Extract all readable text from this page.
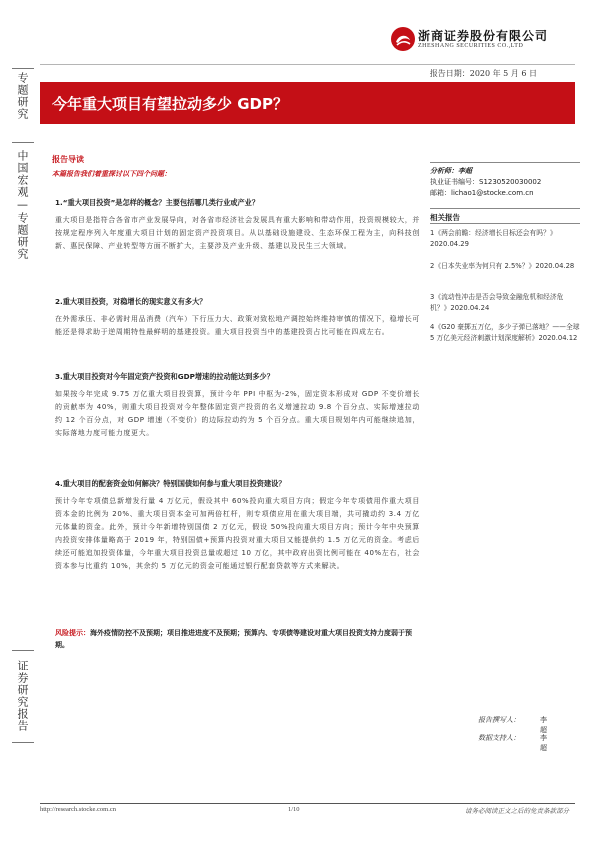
浙商证券股份有限公司
ZHESHANG SECURITIES CO.,LTD
报告日期：2020 年 5 月 6 日
今年重大项目有望拉动多少 GDP？
专题研究
中国宏观—专题研究
证券研究报告
报告导读
本篇报告我们着重探讨以下四个问题：
1.“重大项目投资”是怎样的概念？主要包括哪几类行业或产业？
重大项目是指符合各省市产业发展导向，对各省市经济社会发展具有重大影响和带动作用，投资规模较大，并按规定程序列入年度重大项目计划的固定资产投资项目。从以基础设施建设、生态环保工程为主，向科技创新、惠民保障、产业转型等方面不断扩大，主要涉及产业升级、基建以及民生三大领域。
2.重大项目投资，对稳增长的现实意义有多大？
在外需承压、非必需时用品消费（汽车）下行压力大、政策对致松地产调控始终维持审慎的情况下，稳增长可能还是得求助于逆周期特性最鲜明的基建投资。重大项目投资当中的基建投资占比可能在四成左右。
3.重大项目投资对今年固定资产投资和GDP增速的拉动能达到多少？
如果按今年完成 9.75 万亿重大项目投资算，预计今年 PPI 中枢为-2%，固定资本形成对 GDP 不变价增长的贡献率为 40%，则重大项目投资对今年整体固定资产投资的名义增速拉动 9.8 个百分点、实际增速拉动约 12 个百分点，对 GDP 增速（不变价）的边际拉动约为 5 个百分点。重大项目规划年内可能继续追加，实际落地力度可能力度更大。
4.重大项目的配套资金如何解决？特别国债如何参与重大项目投资建设？
预计今年专项债总新增发行量 4 万亿元，假设其中 60%投向重大项目方向；假定今年专项债用作重大项目资本金的比例为 20%、重大项目资本金可加两倍杠杆，则专项债应用在重大项目端，共可撬动约 3.4 万亿元体量的资金。此外，预计今年新增特别国债 2 万亿元，假设 50%投向重大项目方向；预计今年中央预算内投资安排体量略高于 2019 年，特别国债+预算内投资对重大项目又能提供约 1.5 万亿元的资金。考虑后续还可能追加投资体量，今年重大项目投资总量或超过 10 万亿，其中政府出资比例可能在 40%左右，社会资本参与比重约 10%，其余约 5 万亿元的资金可能通过银行配套贷款等方式来解决。
风险提示：海外疫情防控不及预期；项目推进进度不及预期；预算内、专项债等建设对重大项目投资支持力度弱于预期。
分析师：李超
执业证书编号：S1230520030002
邮箱：lichao1@stocke.com.cn
相关报告
1《两会前瞻：经济增长目标还会有吗？》2020.04.29
2《日本失业率为何只有 2.5%？》2020.04.28
3《流动性冲击是否会导致金融危机和经济危机？》2020.04.24
4《G20 豪掷五万亿，多少子弹已落地？——全球 5 万亿美元经济刺激计划深度解析》2020.04.12
报告撰写人：	李超
数据支持人：	李超
http://research.stocke.com.cn	1/10	请务必阅读正文之后的免责条款部分
